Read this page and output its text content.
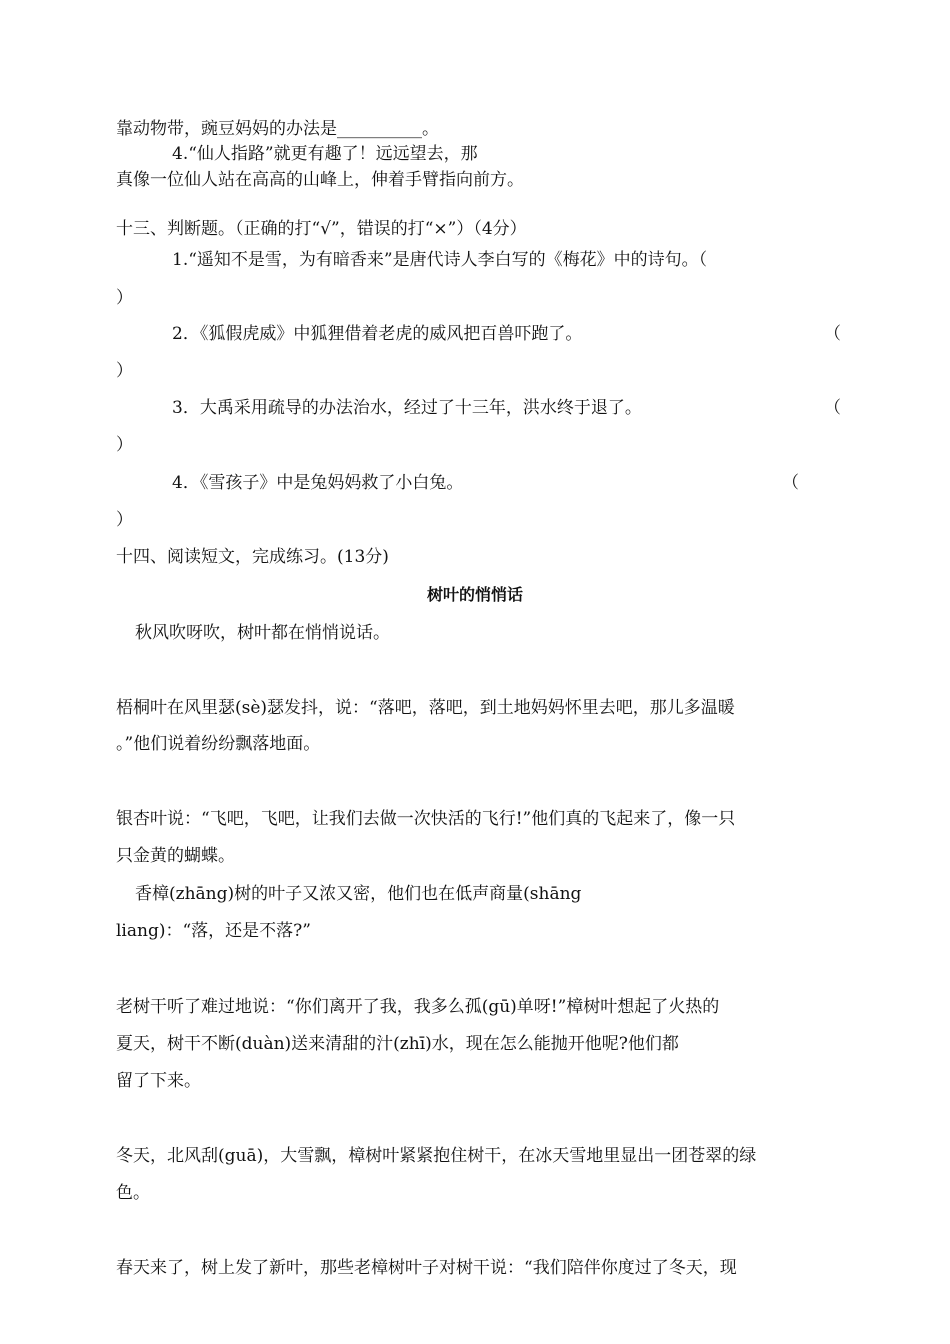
靠动物带，豌豆妈妈的办法是__________。
4.“仙人指路”就更有趣了！远远望去，那
真像一位仙人站在高高的山峰上，伸着手臂指向前方。
十三、判断题。（正确的打“√”，错误的打“×”）（4分）
1.“遥知不是雪，为有暗香来”是唐代诗人李白写的《梅花》中的诗句。（
）
2．《狐假虎威》中狐狸借着老虎的威风把百兽吓跑了。	（
）
3．大禹采用疏导的办法治水，经过了十三年，洪水终于退了。	（
）
4．《雪孩子》中是兔妈妈救了小白兔。	（
）
十四、阅读短文，完成练习。(13分)
树叶的悄悄话
秋风吹呀吹，树叶都在悄悄说话。
梧桐叶在风里瑟(sè)瑟发抖，说：“落吧，落吧，到土地妈妈怀里去吧，那儿多温暖
。”他们说着纷纷飘落地面。
银杏叶说：“飞吧，飞吧，让我们去做一次快活的飞行!”他们真的飞起来了，像一只
只金黄的蝴蝶。
香樟(zhāng)树的叶子又浓又密，他们也在低声商量(shāng
liang)：“落，还是不落?”
老树干听了难过地说：“你们离开了我，我多么孤(gū)单呀!”樟树叶想起了火热的
夏天，树干不断(duàn)送来清甜的汁(zhī)水，现在怎么能抛开他呢?他们都
留了下来。
冬天，北风刮(guā)，大雪飘，樟树叶紧紧抱住树干，在冰天雪地里显出一团苍翠的绿
色。
春天来了，树上发了新叶，那些老樟树叶子对树干说：“我们陪伴你度过了冬天，现
